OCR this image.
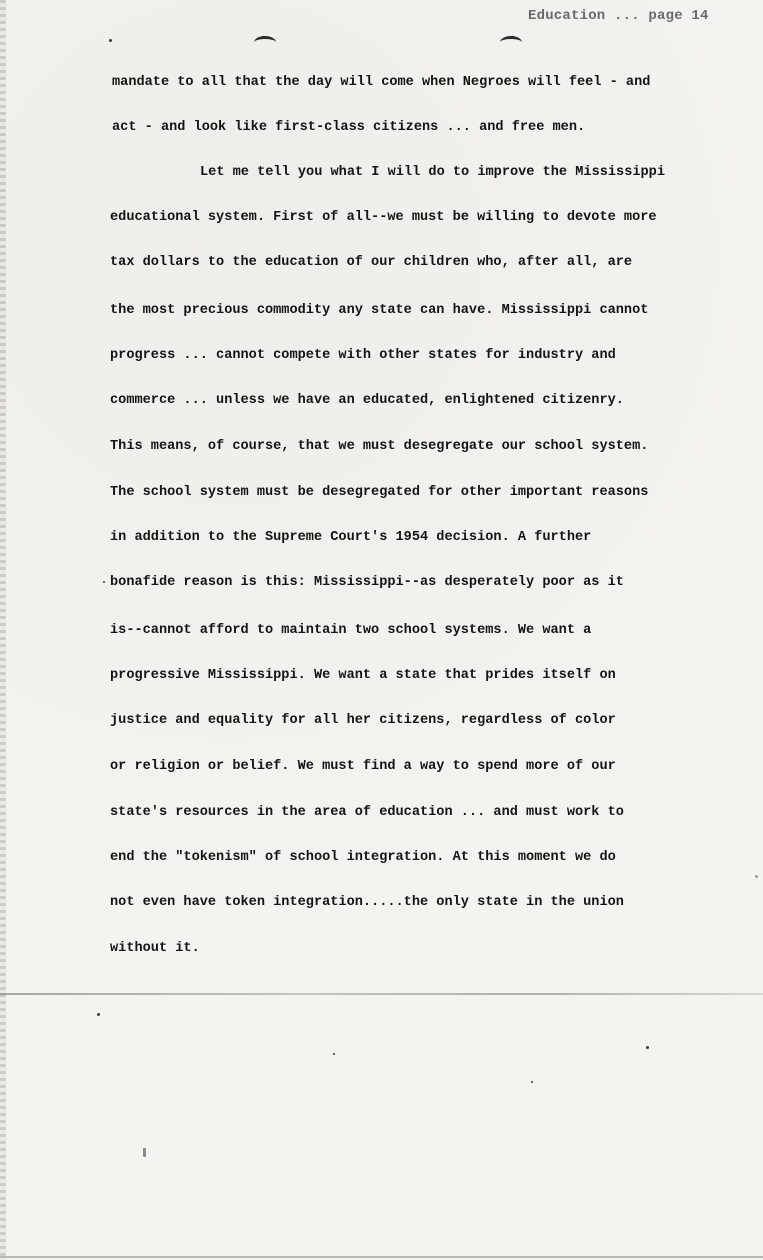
Education ... page 14
mandate to all that the day will come when Negroes will feel - and
act - and look like first-class citizens ... and free men.
Let me tell you what I will do to improve the Mississippi
educational system. First of all--we must be willing to devote more
tax dollars to the education of our children who, after all, are
the most precious commodity any state can have. Mississippi cannot
progress ... cannot compete with other states for industry and
commerce ... unless we have an educated, enlightened citizenry.
This means, of course, that we must desegregate our school system.
The school system must be desegregated for other important reasons
in addition to the Supreme Court's 1954 decision. A further
bonafide reason is this: Mississippi--as desperately poor as it
is--cannot afford to maintain two school systems. We want a
progressive Mississippi. We want a state that prides itself on
justice and equality for all her citizens, regardless of color
or religion or belief. We must find a way to spend more of our
state's resources in the area of education ... and must work to
end the "tokenism" of school integration. At this moment we do
not even have token integration.....the only state in the union
without it.
